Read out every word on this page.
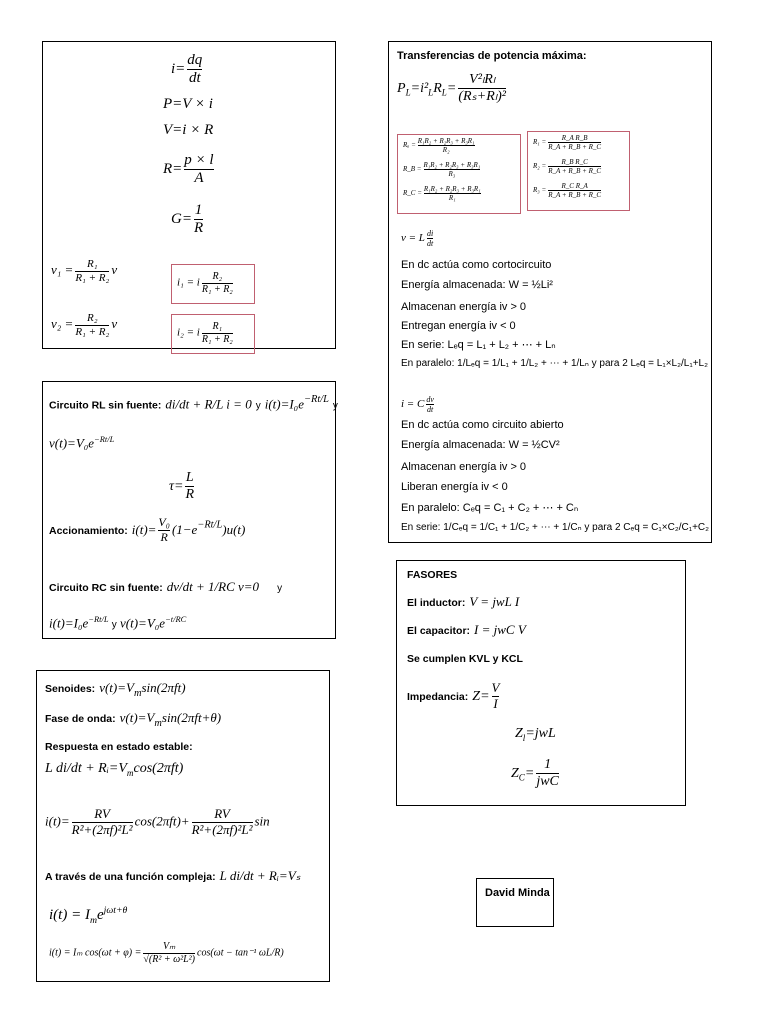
$i= \frac{dq}{dt}$
P=V × i
V=i × R
$R= \frac{p \times l}{A}$
$G= \frac{1}{R}$
$v_1 = \frac{\text{R₁}}{\text{R₁ + R₂}}$ v
i₁ = i $\frac{\text{R₂}}{\text{R₁ + R₂}}$
$v_2 = \frac{\text{R₂}}{\text{R₁ + R₂}}$ v
i₂ = i $\frac{\text{R₁}}{\text{R₁ + R₂}}$
Circuito RL sin fuente: di/dt + R/L i = 0 y $i(t)=I_0e^{-Rt/L}$ y
$v(t)=V_0e^{-Rt/L}$
$\tau= \frac{L}{R}$
Accionamiento: $i(t)= \frac{\text{V₀}}{R} (1-e^{-Rt/L})u(t)$
Circuito RC sin fuente: dv/dt + 1/RC v=0 y
$i(t)=I_0e^{-Rt/L}$ y $v(t)=V_0e^{-t/RC}$
Senoides: $v(t)=V_m\sin(2\pi ft)$
Fase de onda: $v(t)=V_m\sin(2\pi ft+\theta)$
Respuesta en estado estable:
L $di/dt + Rᵢ=V_m\cos(2\pi ft)$
$i(t)= \frac{RV}{\text{R²+(2πf)²L²}} \cos(2\pi ft)+ \frac{RV}{\text{R²+(2πf)²L²}}$ sin
A través de una función compleja: L di/dt + Rᵢ=Vₛ
$i(t) = I_me^{j\omega t+\theta}$
i(t) = Iₘ $\cos(\omega t + \varphi) = \frac{\text{Vₘ}}{\text{√(R² + ω²L²)}} \cos(\omega t - \tan^{-1}$ ωL/R)
Transferencias de potencia máxima:
$P_L=i^2_LR_L= \frac{\text{V²ₗRₗ}}{\text{(Rₛ+Rₗ)²}}$
$R_a = \frac{\text{R₁R₂ + R₂R₃ + R₃R₁}}{\text{R₂}}$
R_B = $\frac{\text{R₁R₂ + R₂R₃ + R₃R₁}}{\text{R₃}}$
R_C = $\frac{\text{R₁R₂ + R₂R₃ + R₃R₁}}{\text{R₁}}$
$R_1 = \frac{\text{R\_A R\_B}}{R\_A + R\_B + R\_C}$
$R_2 = \frac{\text{R\_B R\_C}}{R\_A + R\_B + R\_C}$
$R_3 = \frac{\text{R\_C R\_A}}{R\_A + R\_B + R\_C}$
v = L $\frac{di}{dt}$
En dc actúa como cortocircuito
Energía almacenada: W = ½Li²
Almacenan energía iv > 0
Entregan energía iv < 0
En serie: Lₑq = L₁ + L₂ + ⋯ + Lₙ
En paralelo: 1/Lₑq = 1/L₁ + 1/L₂ + ⋯ + 1/Lₙ y para 2 Lₑq = L₁×L₂/L₁+L₂
i = C $\frac{dv}{dt}$
En dc actúa como circuito abierto
Energía almacenada: W = ½CV²
Almacenan energía iv > 0
Liberan energía iv < 0
En paralelo: Cₑq = C₁ + C₂ + ⋯ + Cₙ
En serie: 1/Cₑq = 1/C₁ + 1/C₂ + ⋯ + 1/Cₙ y para 2 Cₑq = C₁×C₂/C₁+C₂
FASORES
El inductor: V = jwL I
El capacitor: I = jwC V
Se cumplen KVL y KCL
Impedancia: $Z= \frac{V}{I}$
$Z_l=jwL$
$Z_C= \frac{1}{\text{jwC}}$
David Minda
